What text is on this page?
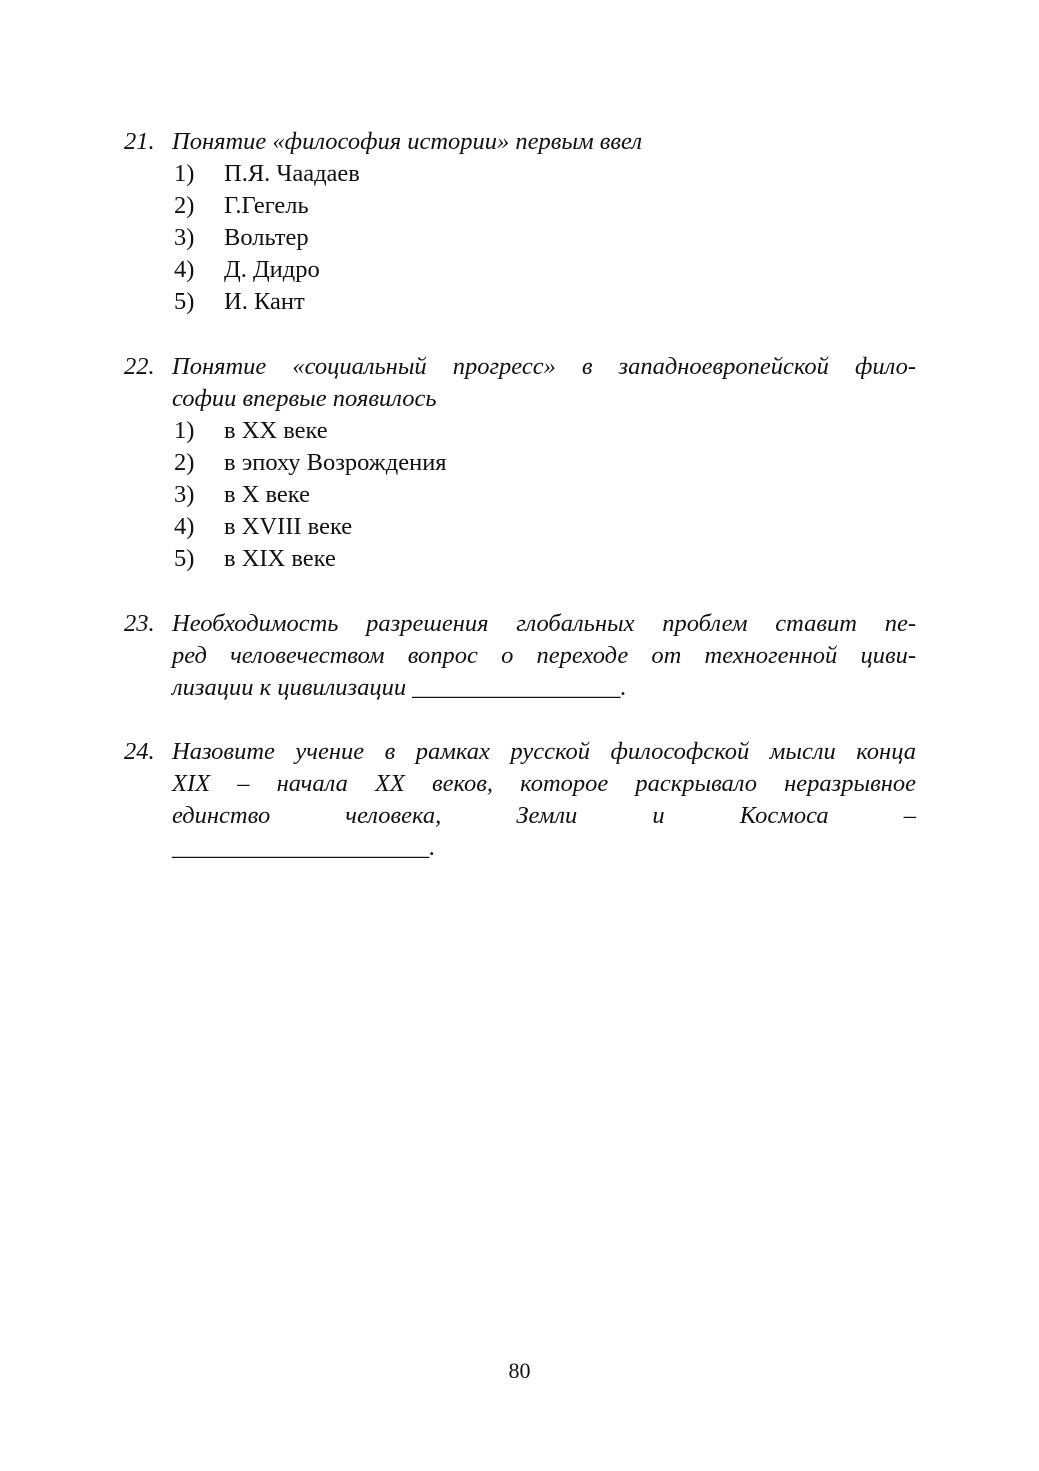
21. Понятие «философия истории» первым ввел
1)	П.Я. Чаадаев
2)	Г.Гегель
3)	Вольтер
4)	Д. Дидро
5)	И. Кант
22. Понятие «социальный прогресс» в западноевропейской фило-
софии впервые появилось
1)	в XX веке
2)	в эпоху Возрождения
3)	в X веке
4)	в XVIII веке
5)	в XIX веке
23. Необходимость разрешения глобальных проблем ставит пе-
ред человечеством вопрос о переходе от техногенной циви-
лизации к цивилизации _________________.
24. Назовите учение в рамках русской философской мысли конца
XIX – начала XX веков, которое раскрывало неразрывное
единство человека, Земли и Космоса –
_____________________.
80
